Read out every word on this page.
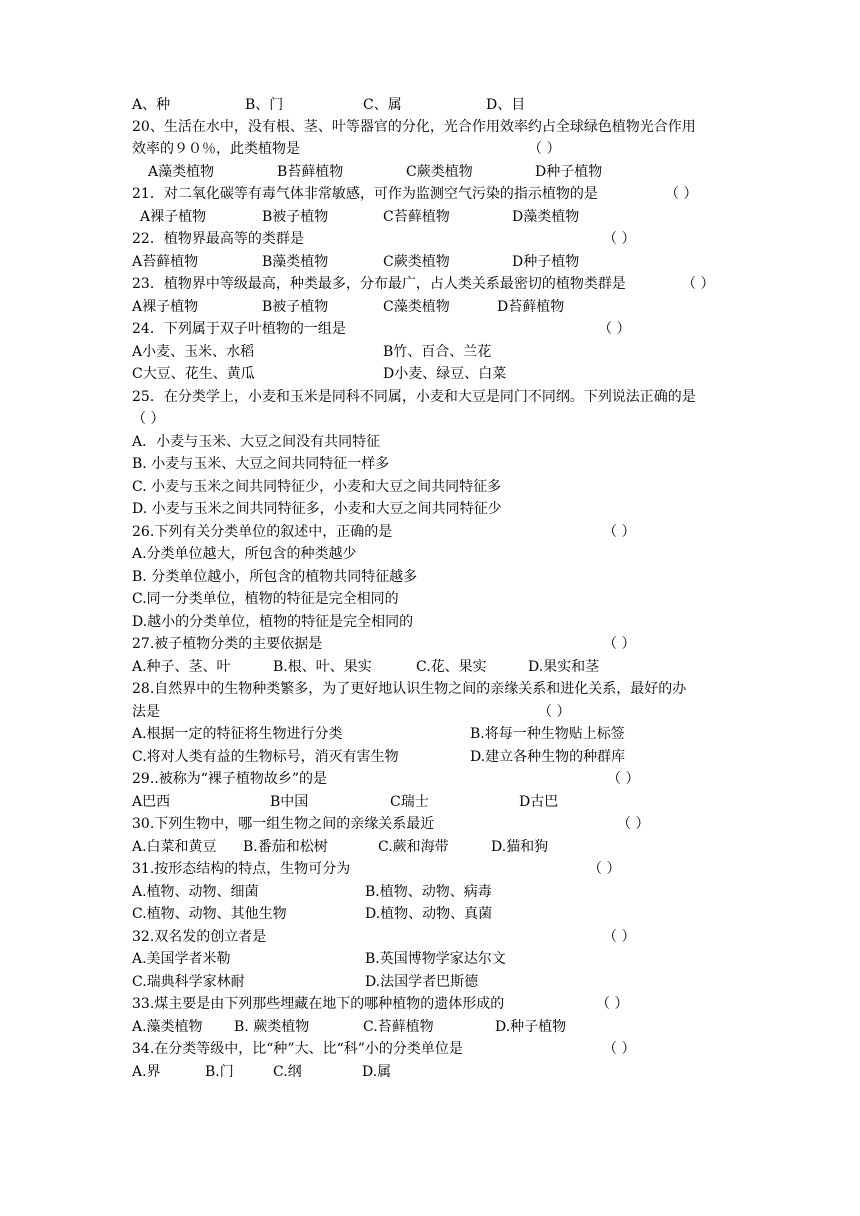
A、种	B、门	C、属	D、目
20、生活在水中，没有根、茎、叶等器官的分化，光合作用效率约占全球绿色植物光合作用
效率的９０％，此类植物是	（ ）
A藻类植物	B苔藓植物	C蕨类植物	D种子植物
21．对二氧化碳等有毒气体非常敏感，可作为监测空气污染的指示植物的是	（ ）
A裸子植物	B被子植物	C苔藓植物	D藻类植物
22．植物界最高等的类群是	（ ）
A苔藓植物	B藻类植物	C蕨类植物	D种子植物
23．植物界中等级最高，种类最多，分布最广，占人类关系最密切的植物类群是	（ ）
A裸子植物	B被子植物	C藻类植物	D苔藓植物
24．下列属于双子叶植物的一组是	（ ）
A小麦、玉米、水稻	B竹、百合、兰花
C大豆、花生、黄瓜	D小麦、绿豆、白菜
25．在分类学上，小麦和玉米是同科不同属，小麦和大豆是同门不同纲。下列说法正确的是
（ ）
A．小麦与玉米、大豆之间没有共同特征
B. 小麦与玉米、大豆之间共同特征一样多
C. 小麦与玉米之间共同特征少，小麦和大豆之间共同特征多
D. 小麦与玉米之间共同特征多，小麦和大豆之间共同特征少
26.下列有关分类单位的叙述中，正确的是	（ ）
A.分类单位越大，所包含的种类越少
B. 分类单位越小，所包含的植物共同特征越多
C.同一分类单位，植物的特征是完全相同的
D.越小的分类单位，植物的特征是完全相同的
27.被子植物分类的主要依据是	（ ）
A.种子、茎、叶	B.根、叶、果实	C.花、果实	D.果实和茎
28.自然界中的生物种类繁多，为了更好地认识生物之间的亲缘关系和进化关系，最好的办
法是	（ ）
A.根据一定的特征将生物进行分类	B.将每一种生物贴上标签
C.将对人类有益的生物标号，消灭有害生物	D.建立各种生物的种群库
29..被称为“裸子植物故乡”的是	（ ）
A巴西	B中国	C瑞士	D古巴
30.下列生物中，哪一组生物之间的亲缘关系最近	（ ）
A.白菜和黄豆 B.番茄和松树	C.蕨和海带	D.猫和狗
31.按形态结构的特点，生物可分为	（ ）
A.植物、动物、细菌	B.植物、动物、病毒
C.植物、动物、其他生物	D.植物、动物、真菌
32.双名发的创立者是	（ ）
A.美国学者米勒	B.英国博物学家达尔文
C.瑞典科学家林耐	D.法国学者巴斯德
33.煤主要是由下列那些埋藏在地下的哪种植物的遗体形成的	（ ）
A.藻类植物 B. 蕨类植物	C.苔藓植物	D.种子植物
34.在分类等级中，比“种”大、比“科”小的分类单位是	（ ）
A.界	B.门	C.纲	D.属
